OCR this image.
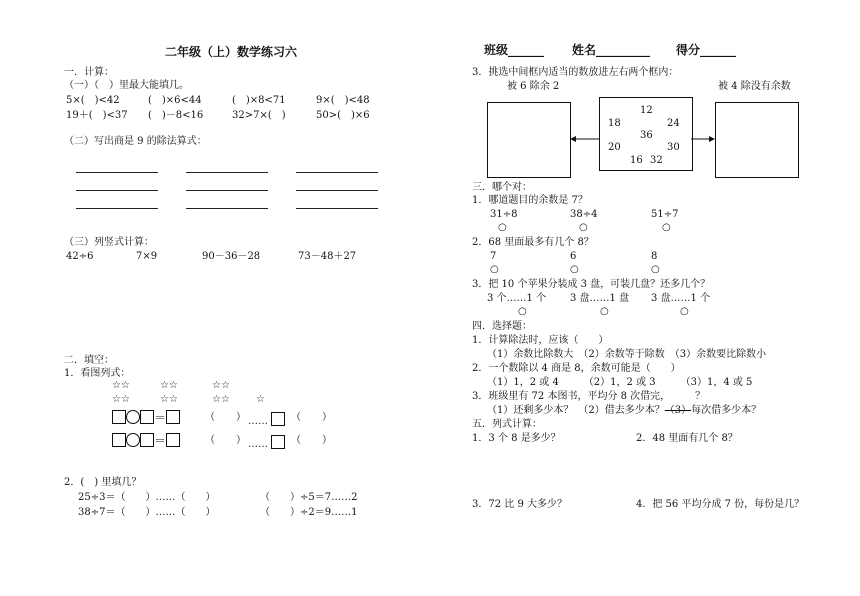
二年级（上）数学练习六
一．计算：
（一）（　）里最大能填几。
5×(　)<42	(　)×6<44	(　)×8<71	9×(　)<48
19＋(　)<37 (　)－8<16	32>7×(　)	50>(　)×6
（二）写出商是 9 的除法算式：
（三）列竖式计算：
42÷6	7×9	90－36－28	73－48＋27
二．填空：
1．看图列式：
☆☆	☆☆	☆☆
☆☆	☆☆	☆☆	☆
＝	（ ） ……	（ ）
＝	（ ） ……	（ ）
2．(　) 里填几？
25÷3＝（　　）……（　　）	（　　）÷5＝7……2
38÷7＝（　　）……（　　）	（　　）÷2＝9……1
班级______ 姓名_________ 得分______
3．挑选中间框内适当的数放进左右两个框内：
被 6 除余 2	被 4 除没有余数
12
18	24
36
20	30
16 32
三．哪个对：
1．哪道题目的余数是 7？
31÷8	38÷4	51÷7
○	○	○
2．68 里面最多有几个 8？
7	6	8
○	○	○
3．把 10 个苹果分装成 3 盘，可装几盘？还多几个？
3 个……1 个 3 盘……1 盘 3 盘……1 个
○	○	○
四．选择题：
1．计算除法时，应该（　　）
（1）余数比除数大　（2）余数等于除数　（3）余数要比除数小
2．一个数除以 4 商是 8，余数可能是（　　）
（1）1，2 或 4　　　（2）1，2 或 3　　　（3）1，4 或 5
3．班级里有 72 本图书，平均分 8 次借完，　　　？
（1）还剩多少本？　（2）借去多少本？（3）每次借多少本？
五．列式计算：
1．3 个 8 是多少？	2．48 里面有几个 8？
3．72 比 9 大多少？	4．把 56 平均分成 7 份，每份是几？
